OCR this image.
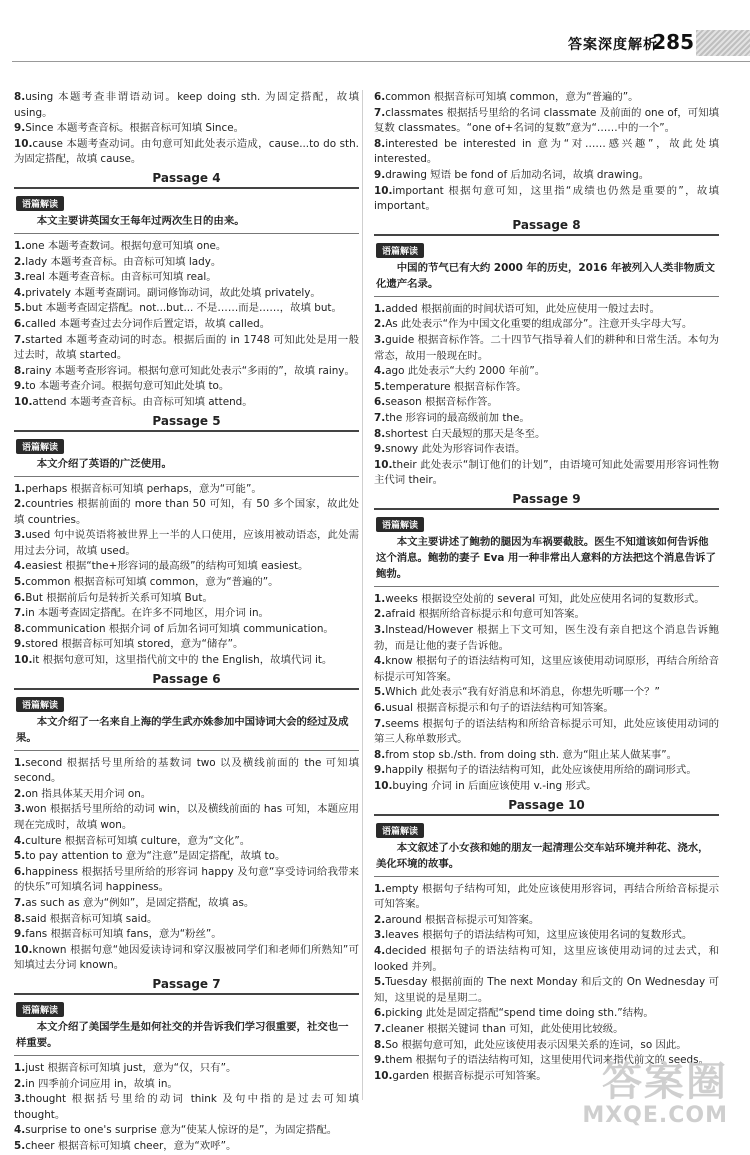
答案深度解析
285

8.using 本题考查非谓语动词。keep doing sth. 为固定搭配，故填using。

9.Since 本题考查音标。根据音标可知填 Since。

10.cause 本题考查动词。由句意可知此处表示造成，cause...to do sth. 为固定搭配，故填 cause。

Passage 4
语篇解读

本文主要讲英国女王每年过两次生日的由来。

1.one 本题考查数词。根据句意可知填 one。

2.lady 本题考查音标。由音标可知填 lady。

3.real 本题考查音标。由音标可知填 real。

4.privately 本题考查副词。副词修饰动词，故此处填 privately。

5.but 本题考查固定搭配。not...but... 不是……而是……，故填 but。

6.called 本题考查过去分词作后置定语，故填 called。

7.started 本题考查动词的时态。根据后面的 in 1748 可知此处是用一般过去时，故填 started。

8.rainy 本题考查形容词。根据句意可知此处表示“多雨的”，故填 rainy。

9.to 本题考查介词。根据句意可知此处填 to。

10.attend 本题考查音标。由音标可知填 attend。

Passage 5
语篇解读

本文介绍了英语的广泛使用。

1.perhaps 根据音标可知填 perhaps，意为“可能”。

2.countries 根据前面的 more than 50 可知，有 50 多个国家，故此处填 countries。

3.used 句中说英语将被世界上一半的人口使用，应该用被动语态，此处需用过去分词，故填 used。

4.easiest 根据“the+形容词的最高级”的结构可知填 easiest。

5.common 根据音标可知填 common，意为“普遍的”。

6.But 根据前后句是转折关系可知填 But。

7.in 本题考查固定搭配。在许多不同地区，用介词 in。

8.communication 根据介词 of 后加名词可知填 communication。

9.stored 根据音标可知填 stored，意为“储存”。

10.it 根据句意可知，这里指代前文中的 the English，故填代词 it。

Passage 6
语篇解读

本文介绍了一名来自上海的学生武亦姝参加中国诗词大会的经过及成果。

1.second 根据括号里所给的基数词 two 以及横线前面的 the 可知填 second。

2.on 指具体某天用介词 on。

3.won 根据括号里所给的动词 win，以及横线前面的 has 可知，本题应用现在完成时，故填 won。

4.culture 根据音标可知填 culture，意为“文化”。

5.to pay attention to 意为“注意”是固定搭配，故填 to。

6.happiness 根据括号里所给的形容词 happy 及句意“享受诗词给我带来的快乐”可知填名词 happiness。

7.as such as 意为“例如”，是固定搭配，故填 as。

8.said 根据音标可知填 said。

9.fans 根据音标可知填 fans，意为“粉丝”。

10.known 根据句意“她因爱读诗词和穿汉服被同学们和老师们所熟知”可知填过去分词 known。

Passage 7
语篇解读

本文介绍了美国学生是如何社交的并告诉我们学习很重要，社交也一样重要。

1.just 根据音标可知填 just，意为“仅，只有”。

2.in 四季前介词应用 in，故填 in。

3.thought 根据括号里给的动词 think 及句中指的是过去可知填 thought。

4.surprise to one's surprise 意为“使某人惊讶的是”，为固定搭配。

5.cheer 根据音标可知填 cheer，意为“欢呼”。

6.common 根据音标可知填 common，意为“普遍的”。

7.classmates 根据括号里给的名词 classmate 及前面的 one of，可知填复数 classmates。“one of+名词的复数”意为“……中的一个”。

8.interested be interested in 意为“对……感兴趣”，故此处填 interested。

9.drawing 短语 be fond of 后加动名词，故填 drawing。

10.important 根据句意可知，这里指“成绩也仍然是重要的”，故填 important。

Passage 8
语篇解读

中国的节气已有大约 2000 年的历史，2016 年被列入人类非物质文化遗产名录。

1.added 根据前面的时间状语可知，此处应使用一般过去时。

2.As 此处表示“作为中国文化重要的组成部分”。注意开头字母大写。

3.guide 根据音标作答。二十四节气指导着人们的耕种和日常生活。本句为常态，故用一般现在时。

4.ago 此处表示“大约 2000 年前”。

5.temperature 根据音标作答。

6.season 根据音标作答。

7.the 形容词的最高级前加 the。

8.shortest 白天最短的那天是冬至。

9.snowy 此处为形容词作表语。

10.their 此处表示“制订他们的计划”，由语境可知此处需要用形容词性物主代词 their。

Passage 9
语篇解读

本文主要讲述了鲍勃的腿因为车祸要截肢。医生不知道该如何告诉他这个消息。鲍勃的妻子 Eva 用一种非常出人意料的方法把这个消息告诉了鲍勃。

1.weeks 根据设空处前的 several 可知，此处应使用名词的复数形式。

2.afraid 根据所给音标提示和句意可知答案。

3.Instead/However 根据上下文可知，医生没有亲自把这个消息告诉鲍勃，而是让他的妻子告诉他。

4.know 根据句子的语法结构可知，这里应该使用动词原形，再结合所给音标提示可知答案。

5.Which 此处表示“我有好消息和坏消息，你想先听哪一个？”

6.usual 根据音标提示和句子的语法结构可知答案。

7.seems 根据句子的语法结构和所给音标提示可知，此处应该使用动词的第三人称单数形式。

8.from stop sb./sth. from doing sth. 意为“阻止某人做某事”。

9.happily 根据句子的语法结构可知，此处应该使用所给的副词形式。

10.buying 介词 in 后面应该使用 v.-ing 形式。

Passage 10
语篇解读

本文叙述了小女孩和她的朋友一起清理公交车站环境并种花、浇水，美化环境的故事。

1.empty 根据句子结构可知，此处应该使用形容词，再结合所给音标提示可知答案。

2.around 根据音标提示可知答案。

3.leaves 根据句子的语法结构可知，这里应该使用名词的复数形式。

4.decided 根据句子的语法结构可知，这里应该使用动词的过去式，和 looked 并列。

5.Tuesday 根据前面的 The next Monday 和后文的 On Wednesday 可知，这里说的是星期二。

6.picking 此处是固定搭配“spend time doing sth.”结构。

7.cleaner 根据关键词 than 可知，此处使用比较级。

8.So 根据句意可知，此处应该使用表示因果关系的连词，so 因此。

9.them 根据句子的语法结构可知，这里使用代词来指代前文的 seeds。

10.garden 根据音标提示可知答案。	答案圈
MXQE.COM
